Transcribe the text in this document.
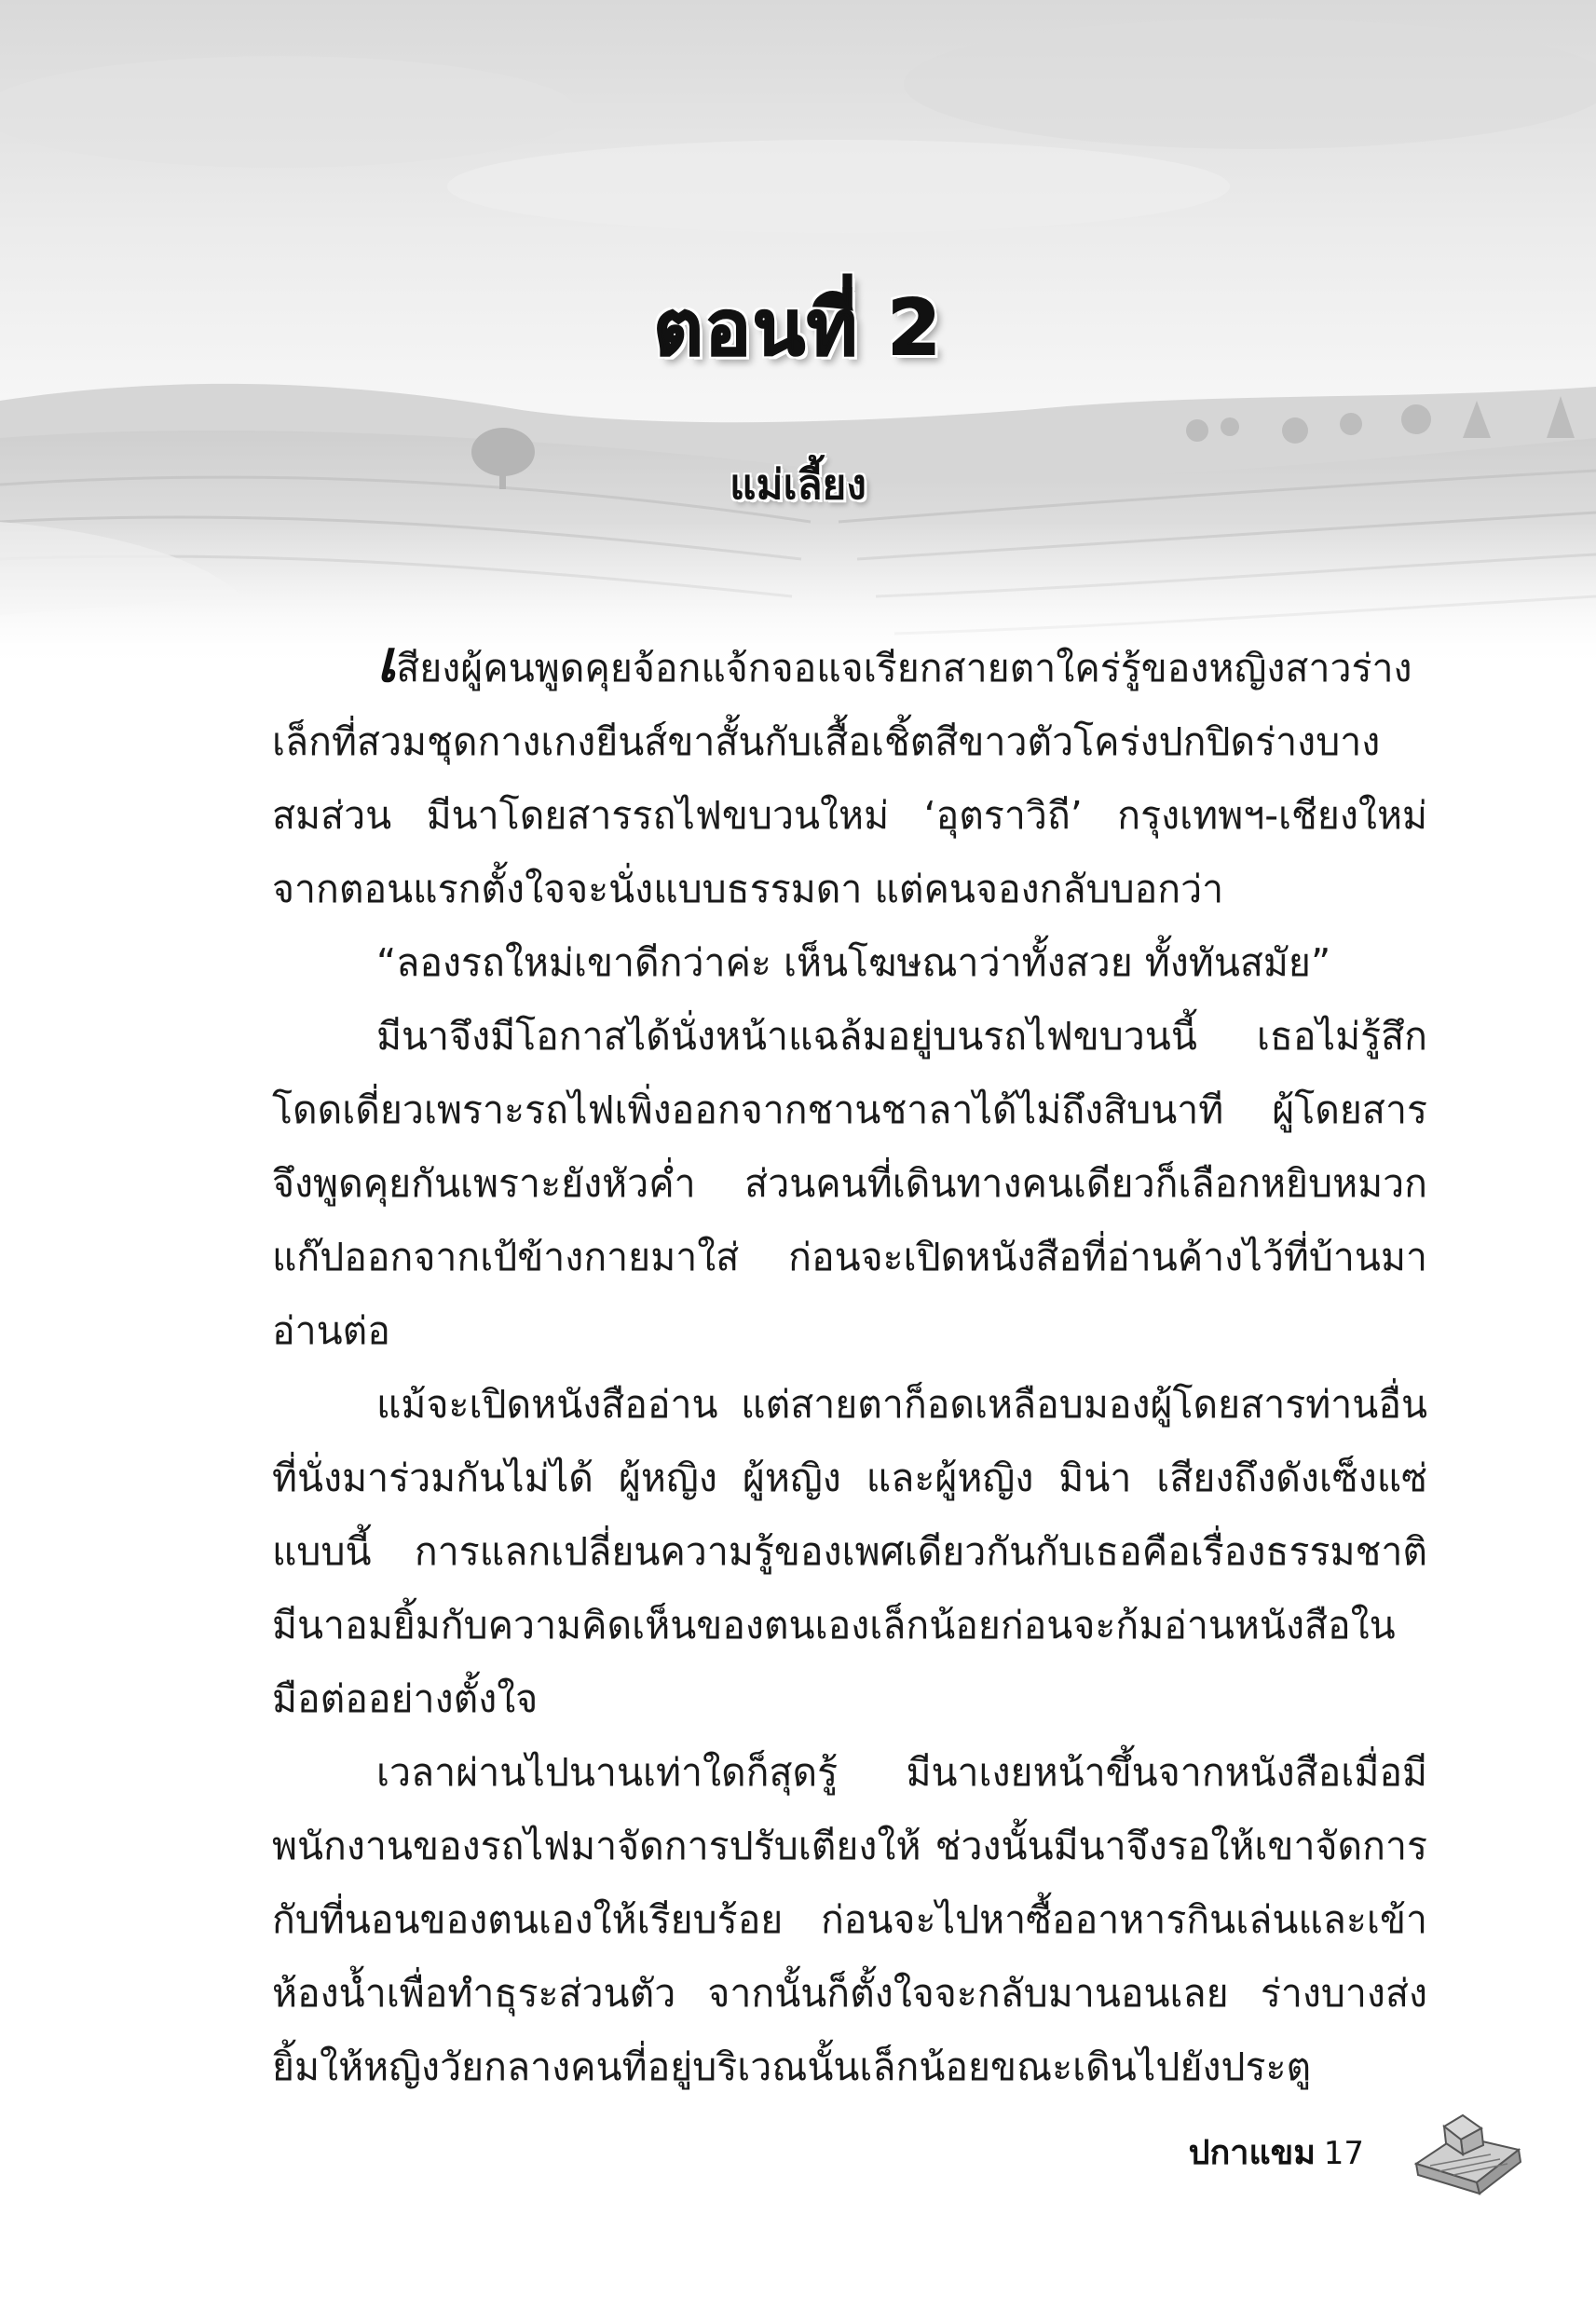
ตอนที่ 2
แม่เลี้ยง

เสียงผู้คนพูดคุยจ้อกแจ้กจอแจเรียกสายตาใคร่รู้ของหญิงสาวร่างเล็กที่สวมชุดกางเกงยีนส์ขาสั้นกับเสื้อเชิ้ตสีขาวตัวโคร่งปกปิดร่างบางสมส่วน มีนาโดยสารรถไฟขบวนใหม่ ‘อุตราวิถี’ กรุงเทพฯ-เชียงใหม่ จากตอนแรกตั้งใจจะนั่งแบบธรรมดา แต่คนจองกลับบอกว่า

“ลองรถใหม่เขาดีกว่าค่ะ เห็นโฆษณาว่าทั้งสวย ทั้งทันสมัย”

มีนาจึงมีโอกาสได้นั่งหน้าแฉล้มอยู่บนรถไฟขบวนนี้ เธอไม่รู้สึกโดดเดี่ยวเพราะรถไฟเพิ่งออกจากชานชาลาได้ไม่ถึงสิบนาที ผู้โดยสารจึงพูดคุยกันเพราะยังหัวค่ำ ส่วนคนที่เดินทางคนเดียวก็เลือกหยิบหมวกแก๊ปออกจากเป้ข้างกายมาใส่ ก่อนจะเปิดหนังสือที่อ่านค้างไว้ที่บ้านมาอ่านต่อ

แม้จะเปิดหนังสืออ่าน แต่สายตาก็อดเหลือบมองผู้โดยสารท่านอื่นที่นั่งมาร่วมกันไม่ได้ ผู้หญิง ผู้หญิง และผู้หญิง มิน่า เสียงถึงดังเซ็งแซ่แบบนี้ การแลกเปลี่ยนความรู้ของเพศเดียวกันกับเธอคือเรื่องธรรมชาติ มีนาอมยิ้มกับความคิดเห็นของตนเองเล็กน้อยก่อนจะก้มอ่านหนังสือในมือต่ออย่างตั้งใจ

เวลาผ่านไปนานเท่าใดก็สุดรู้ มีนาเงยหน้าขึ้นจากหนังสือเมื่อมีพนักงานของรถไฟมาจัดการปรับเตียงให้ ช่วงนั้นมีนาจึงรอให้เขาจัดการกับที่นอนของตนเองให้เรียบร้อย ก่อนจะไปหาซื้ออาหารกินเล่นและเข้าห้องน้ำเพื่อทำธุระส่วนตัว จากนั้นก็ตั้งใจจะกลับมานอนเลย ร่างบางส่งยิ้มให้หญิงวัยกลางคนที่อยู่บริเวณนั้นเล็กน้อยขณะเดินไปยังประตู

ปกาแขม 17
